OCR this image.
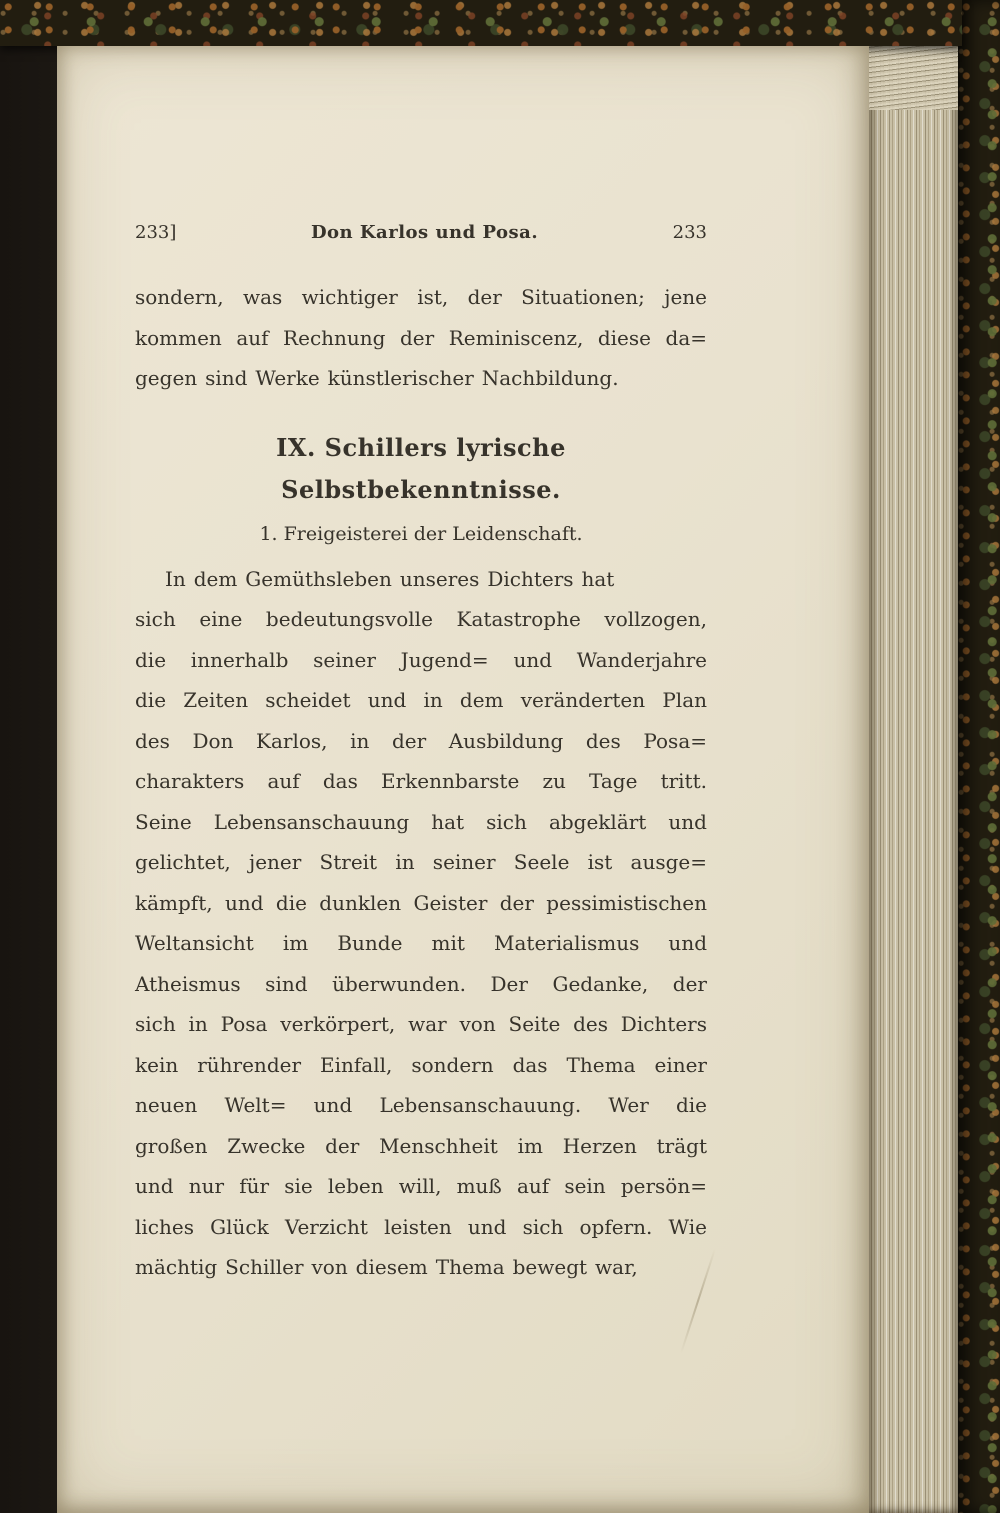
233]	Don Karlos und Posa.	233
sondern, was wichtiger ist, der Situationen; jene
kommen auf Rechnung der Reminiscenz, diese da=
gegen sind Werke künstlerischer Nachbildung.
IX. Schillers lyrische Selbstbekenntnisse.
1. Freigeisterei der Leidenschaft.
In dem Gemüthsleben unseres Dichters hat
sich eine bedeutungsvolle Katastrophe vollzogen,
die innerhalb seiner Jugend= und Wanderjahre
die Zeiten scheidet und in dem veränderten Plan
des Don Karlos, in der Ausbildung des Posa=
charakters auf das Erkennbarste zu Tage tritt.
Seine Lebensanschauung hat sich abgeklärt und
gelichtet, jener Streit in seiner Seele ist ausge=
kämpft, und die dunklen Geister der pessimistischen
Weltansicht im Bunde mit Materialismus und
Atheismus sind überwunden. Der Gedanke, der
sich in Posa verkörpert, war von Seite des Dichters
kein rührender Einfall, sondern das Thema einer
neuen Welt= und Lebensanschauung. Wer die
großen Zwecke der Menschheit im Herzen trägt
und nur für sie leben will, muß auf sein persön=
liches Glück Verzicht leisten und sich opfern. Wie
mächtig Schiller von diesem Thema bewegt war,
